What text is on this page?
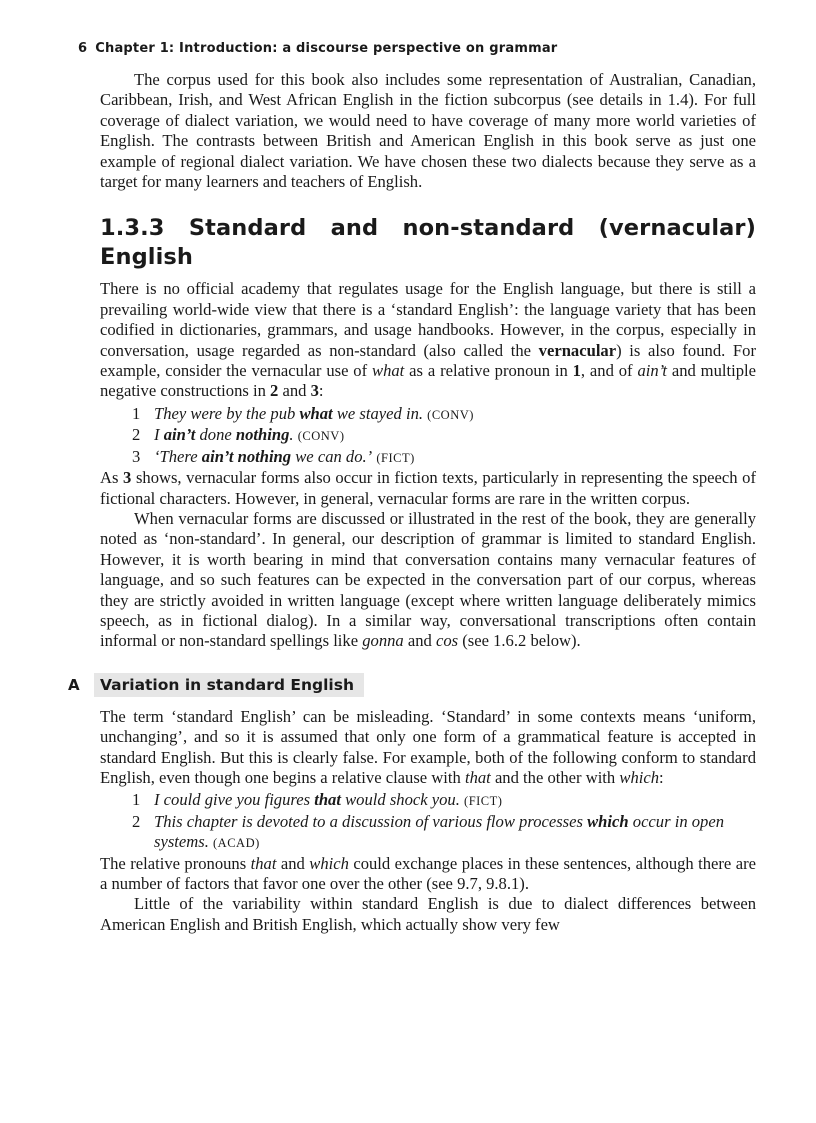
6 Chapter 1: Introduction: a discourse perspective on grammar

The corpus used for this book also includes some representation of Australian, Canadian, Caribbean, Irish, and West African English in the fiction subcorpus (see details in 1.4). For full coverage of dialect variation, we would need to have coverage of many more world varieties of English. The contrasts between British and American English in this book serve as just one example of regional dialect variation. We have chosen these two dialects because they serve as a target for many learners and teachers of English.

1.3.3 Standard and non-standard (vernacular) English

There is no official academy that regulates usage for the English language, but there is still a prevailing world-wide view that there is a ‘standard English’: the language variety that has been codified in dictionaries, grammars, and usage handbooks. However, in the corpus, especially in conversation, usage regarded as non-standard (also called the vernacular) is also found. For example, consider the vernacular use of what as a relative pronoun in 1, and of ain’t and multiple negative constructions in 2 and 3:

1 They were by the pub what we stayed in. (CONV)
2 I ain’t done nothing. (CONV)
3 ‘There ain’t nothing we can do.’ (FICT)

As 3 shows, vernacular forms also occur in fiction texts, particularly in representing the speech of fictional characters. However, in general, vernacular forms are rare in the written corpus.

When vernacular forms are discussed or illustrated in the rest of the book, they are generally noted as ‘non-standard’. In general, our description of grammar is limited to standard English. However, it is worth bearing in mind that conversation contains many vernacular features of language, and so such features can be expected in the conversation part of our corpus, whereas they are strictly avoided in written language (except where written language deliberately mimics speech, as in fictional dialog). In a similar way, conversational transcriptions often contain informal or non-standard spellings like gonna and cos (see 1.6.2 below).

A	Variation in standard English

The term ‘standard English’ can be misleading. ‘Standard’ in some contexts means ‘uniform, unchanging’, and so it is assumed that only one form of a grammatical feature is accepted in standard English. But this is clearly false. For example, both of the following conform to standard English, even though one begins a relative clause with that and the other with which:

1 I could give you figures that would shock you. (FICT)
2 This chapter is devoted to a discussion of various flow processes which occur in open systems. (ACAD)

The relative pronouns that and which could exchange places in these sentences, although there are a number of factors that favor one over the other (see 9.7, 9.8.1).

Little of the variability within standard English is due to dialect differences between American English and British English, which actually show very few
